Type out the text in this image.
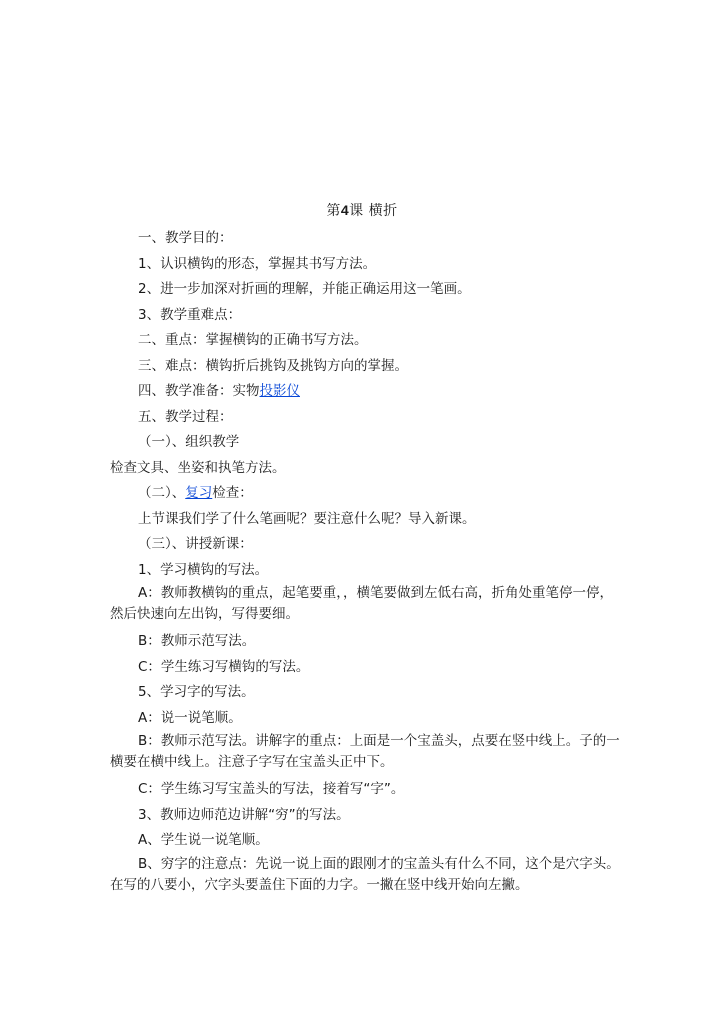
第4课 横折

一、教学目的：

1、认识横钩的形态，掌握其书写方法。

2、进一步加深对折画的理解，并能正确运用这一笔画。

3、教学重难点：

二、重点：掌握横钩的正确书写方法。

三、难点：横钩折后挑钩及挑钩方向的掌握。

四、教学准备：实物投影仪

五、教学过程：

（一）、组织教学

检查文具、坐姿和执笔方法。

（二）、复习检查：

上节课我们学了什么笔画呢？要注意什么呢？导入新课。

（三）、讲授新课：

1、学习横钩的写法。

A：教师教横钩的重点，起笔要重，，横笔要做到左低右高，折角处重笔停一停，然后快速向左出钩，写得要细。

B：教师示范写法。

C：学生练习写横钩的写法。

5、学习字的写法。

A：说一说笔顺。

B：教师示范写法。讲解字的重点：上面是一个宝盖头，点要在竖中线上。子的一横要在横中线上。注意子字写在宝盖头正中下。

C：学生练习写宝盖头的写法，接着写“字”。

3、教师边师范边讲解“穷”的写法。

A、学生说一说笔顺。

B、穷字的注意点：先说一说上面的跟刚才的宝盖头有什么不同，这个是穴字头。在写的八要小，穴字头要盖住下面的力字。一撇在竖中线开始向左撇。
